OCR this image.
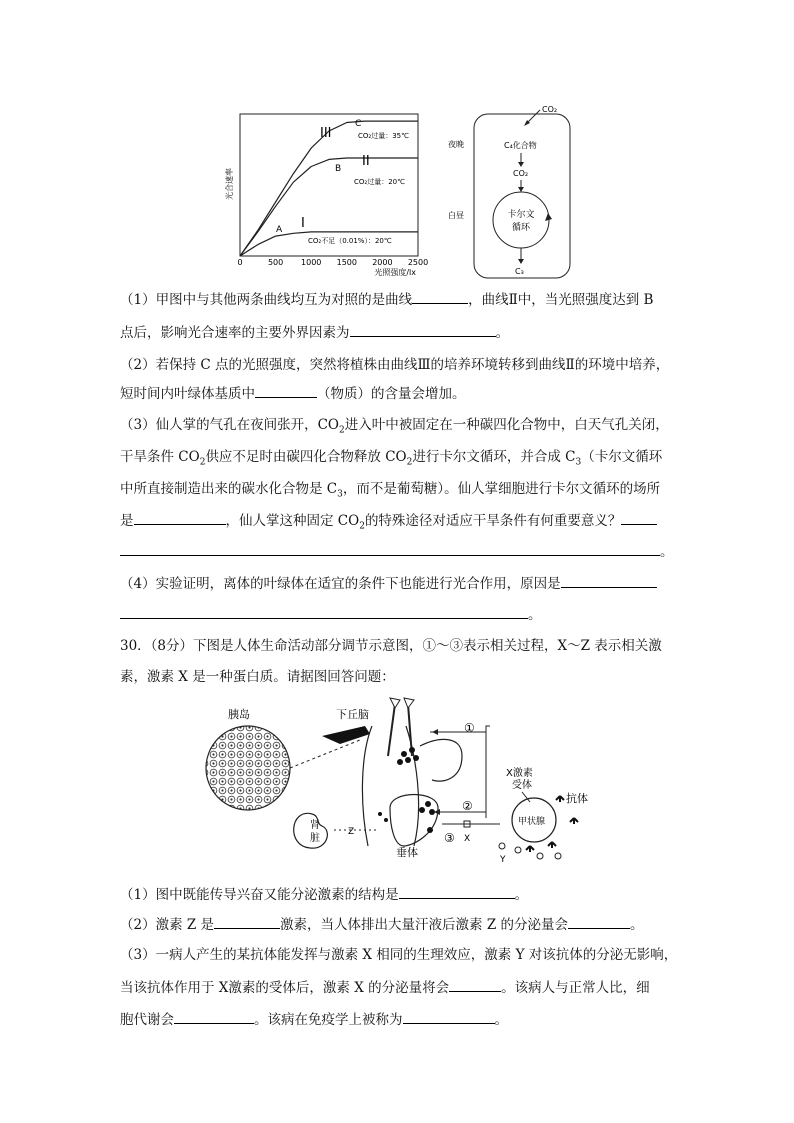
光合速率
0	500 1000 1500 2000 2500
光照强度/lx
III
C
CO₂过量：35℃
II
B
CO₂过量：20℃
I
A
CO₂不足（0.01%）：20℃
CO₂
夜晚	C₄化合物
CO₂
白昼	卡尔文
循环
C₃
（1）甲图中与其他两条曲线均互为对照的是曲线	，曲线Ⅱ中，当光照强度达到 B
点后，影响光合速率的主要外界因素为	。
（2）若保持 C 点的光照强度，突然将植株由曲线Ⅲ的培养环境转移到曲线Ⅱ的环境中培养，
短时间内叶绿体基质中	（物质）的含量会增加。
（3）仙人掌的气孔在夜间张开，$CO_2$进入叶中被固定在一种碳四化合物中，白天气孔关闭，
干旱条件 $CO_2$供应不足时由碳四化合物释放 $CO_2$进行卡尔文循环，并合成 $C_3$（卡尔文循环
中所直接制造出来的碳水化合物是 $C_3$，而不是葡萄糖）。仙人掌细胞进行卡尔文循环的场所
是	，仙人掌这种固定 $CO_2$的特殊途径对适应干旱条件有何重要意义？
。
（4）实验证明，离体的叶绿体在适宜的条件下也能进行光合作用，原因是
。
30．（8分）下图是人体生命活动部分调节示意图，①～③表示相关过程，X～Z 表示相关激
素，激素 X 是一种蛋白质。请据图回答问题：
胰岛	下丘脑
垂体
肾
脏
Z
①
②
③ X
X激素
受体
甲状腺
抗体
Y
（1）图中既能传导兴奋又能分泌激素的结构是	。
（2）激素 Z 是	激素，当人体排出大量汗液后激素 Z 的分泌量会	。
（3）一病人产生的某抗体能发挥与激素 X 相同的生理效应，激素 Y 对该抗体的分泌无影响，
当该抗体作用于 X激素的受体后，激素 X 的分泌量将会	。该病人与正常人比，细
胞代谢会	。该病在免疫学上被称为	。
